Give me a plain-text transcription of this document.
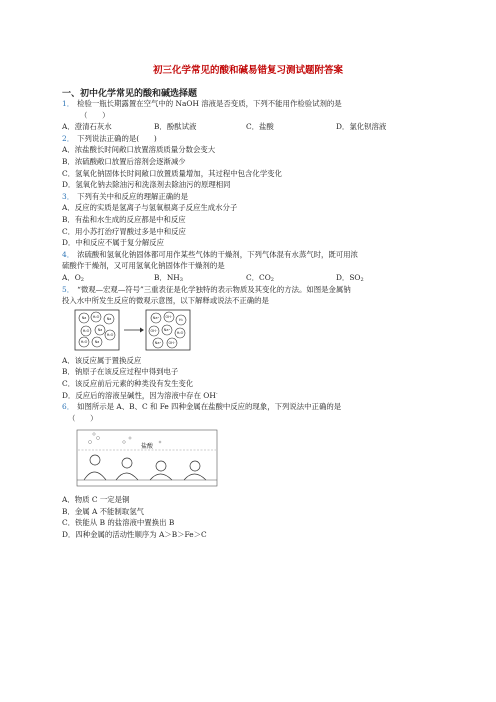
初三化学常见的酸和碱易错复习测试题附答案
一、初中化学常见的酸和碱选择题
1． 检验一瓶长期露置在空气中的 NaOH 溶液是否变质，下列不能用作检验试剂的是
（　　）
A．澄清石灰水	B．酚酞试液	C．盐酸	D．氯化钡溶液
2． 下列说法正确的是(　　)
A．浓盐酸长时间敞口放置溶质质量分数会变大
B．浓硫酸敞口放置后溶剂会逐渐减少
C．氢氧化钠固体长时间敞口放置质量增加，其过程中包含化学变化
D．氢氧化钠去除油污和洗涤剂去除油污的原理相同
3． 下列有关中和反应的理解正确的是
A．反应的实质是氢离子与氢氧根离子反应生成水分子
B．有盐和水生成的反应都是中和反应
C．用小苏打治疗胃酸过多是中和反应
D．中和反应不属于复分解反应
4． 浓硫酸和氢氧化钠固体都可用作某些气体的干燥剂，下列气体混有水蒸气时，既可用浓
硫酸作干燥剂，又可用氢氧化钠固体作干燥剂的是
A．O2	B．NH3	C．CO2	D．SO2
5． “微观—宏观—符号”三重表征是化学独特的表示物质及其变化的方法。如图是金属钠
投入水中所发生反应的微观示意图，以下解释或说法不正确的是
Na H₂O Na
H₂O Na
H₂O
H₂O Na
Na⁺ OH⁻
H₂
OH⁻ Na⁺
H₂O
Na⁺ OH⁻
A．该反应属于置换反应
B．钠原子在该反应过程中得到电子
C．该反应前后元素的种类没有发生变化
D．反应后的溶液呈碱性，因为溶液中存在 OH-
6． 如图所示是 A、B、C 和 Fe 四种金属在盐酸中反应的现象，下列说法中正确的是
（　　）
盐酸
A．物质 C 一定是铜
B．金属 A 不能制取氢气
C．铁能从 B 的盐溶液中置换出 B
D．四种金属的活动性顺序为 A＞B＞Fe＞C
